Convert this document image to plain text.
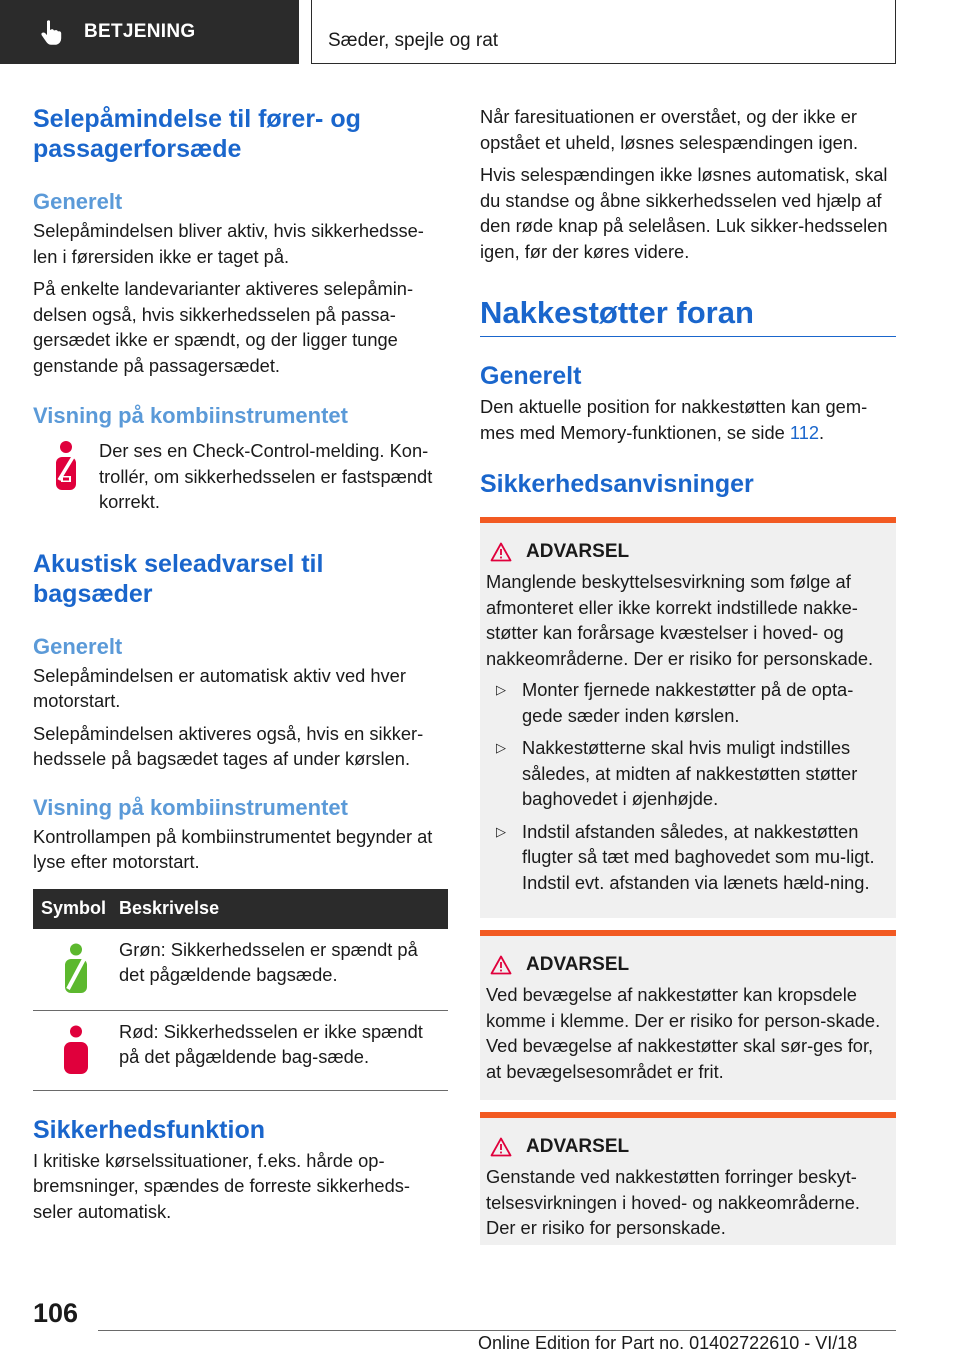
BETJENING	Sæder, spejle og rat
Selepåmindelse til fører- og passagerforsæde
Generelt

Selepåmindelsen bliver aktiv, hvis sikkerhedsse-len i førersiden ikke er taget på.

På enkelte landevarianter aktiveres selepåmin-delsen også, hvis sikkerhedsselen på passa-gersædet ikke er spændt, og der ligger tunge genstande på passagersædet.

Visning på kombiinstrumentet

Der ses en Check-Control-melding. Kon-trollér, om sikkerhedsselen er fastspændt korrekt.

Akustisk seleadvarsel til bagsæder
Generelt

Selepåmindelsen er automatisk aktiv ved hver motorstart.

Selepåmindelsen aktiveres også, hvis en sikker-hedssele på bagsædet tages af under kørslen.

Visning på kombiinstrumentet

Kontrollampen på kombiinstrumentet begynder at lyse efter motorstart.

Symbol	Beskrivelse

Grøn: Sikkerhedsselen er spændt på det pågældende bagsæde.

Rød: Sikkerhedsselen er ikke spændt på det pågældende bag-sæde.

Sikkerhedsfunktion

I kritiske kørselssituationer, f.eks. hårde op-bremsninger, spændes de forreste sikkerheds-seler automatisk.

Når faresituationen er overstået, og der ikke er opstået et uheld, løsnes selespændingen igen.

Hvis selespændingen ikke løsnes automatisk, skal du standse og åbne sikkerhedsselen ved hjælp af den røde knap på selelåsen. Luk sikker-hedsselen igen, før der køres videre.

Nakkestøtter foran
Generelt

Den aktuelle position for nakkestøtten kan gem-mes med Memory-funktionen, se side 112.

Sikkerhedsanvisninger
ADVARSEL

Manglende beskyttelsesvirkning som følge af afmonteret eller ikke korrekt indstillede nakke-støtter kan forårsage kvæstelser i hoved- og nakkeområderne. Der er risiko for personskade.

▷ Monter fjernede nakkestøtter på de opta-gede sæder inden kørslen.

▷ Nakkestøtterne skal hvis muligt indstilles således, at midten af nakkestøtten støtter baghovedet i øjenhøjde.

▷ Indstil afstanden således, at nakkestøtten flugter så tæt med baghovedet som mu-ligt. Indstil evt. afstanden via lænets hæld-ning.

ADVARSEL

Ved bevægelse af nakkestøtter kan kropsdele komme i klemme. Der er risiko for person-skade. Ved bevægelse af nakkestøtter skal sør-ges for, at bevægelsesområdet er frit.

ADVARSEL

Genstande ved nakkestøtten forringer beskyt-telsesvirkningen i hoved- og nakkeområderne. Der er risiko for personskade.

106
Online Edition for Part no. 01402722610 - VI/18
